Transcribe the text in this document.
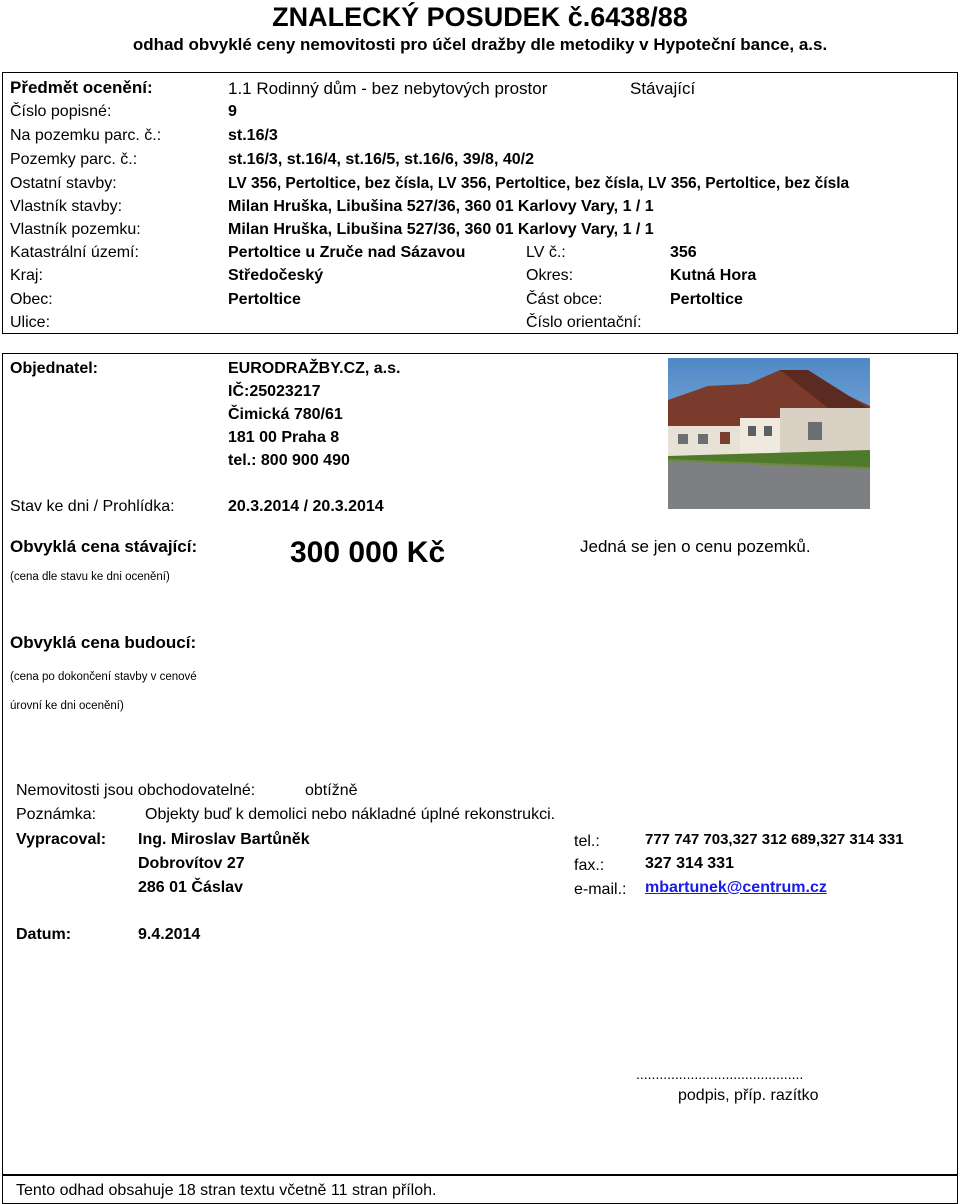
ZNALECKÝ POSUDEK č.6438/88
odhad obvyklé ceny nemovitosti pro účel dražby dle metodiky v Hypoteční bance, a.s.
Předmět ocenění:	1.1 Rodinný dům - bez nebytových prostor	Stávající
Číslo popisné:	9
Na pozemku parc. č.:	st.16/3
Pozemky parc. č.:	st.16/3, st.16/4, st.16/5, st.16/6, 39/8, 40/2
Ostatní stavby:	LV 356, Pertoltice, bez čísla, LV 356, Pertoltice, bez čísla, LV 356, Pertoltice, bez čísla
Vlastník stavby:	Milan Hruška, Libušina 527/36, 360 01 Karlovy Vary, 1 / 1
Vlastník pozemku:	Milan Hruška, Libušina 527/36, 360 01 Karlovy Vary, 1 / 1
Katastrální území:	Pertoltice u Zruče nad Sázavou	LV č.:	356
Kraj:	Středočeský	Okres:	Kutná Hora
Obec:	Pertoltice	Část obce:	Pertoltice
Ulice:	Číslo orientační:
Objednatel:	EURODRAŽBY.CZ, a.s.
IČ:25023217
Čimická 780/61
181 00 Praha 8
tel.: 800 900 490
Stav ke dni / Prohlídka:	20.3.2014 / 20.3.2014
Obvyklá cena stávající:
(cena dle stavu ke dni ocenění)
300 000 Kč	Jedná se jen o cenu pozemků.
Obvyklá cena budoucí:
(cena po dokončení stavby v cenové
úrovní ke dni ocenění)
Nemovitosti jsou obchodovatelné:	obtížně
Poznámka:	Objekty buď k demolici nebo nákladné úplné rekonstrukci.
Vypracoval: Ing. Miroslav Bartůněk
Dobrovítov 27
286 01 Čáslav
tel.:	777 747 703,327 312 689,327 314 331
fax.:	327 314 331
e-mail.: mbartunek@centrum.cz
Datum:	9.4.2014
...........................................
podpis, příp. razítko
Tento odhad obsahuje 18 stran textu včetně 11 stran příloh.
